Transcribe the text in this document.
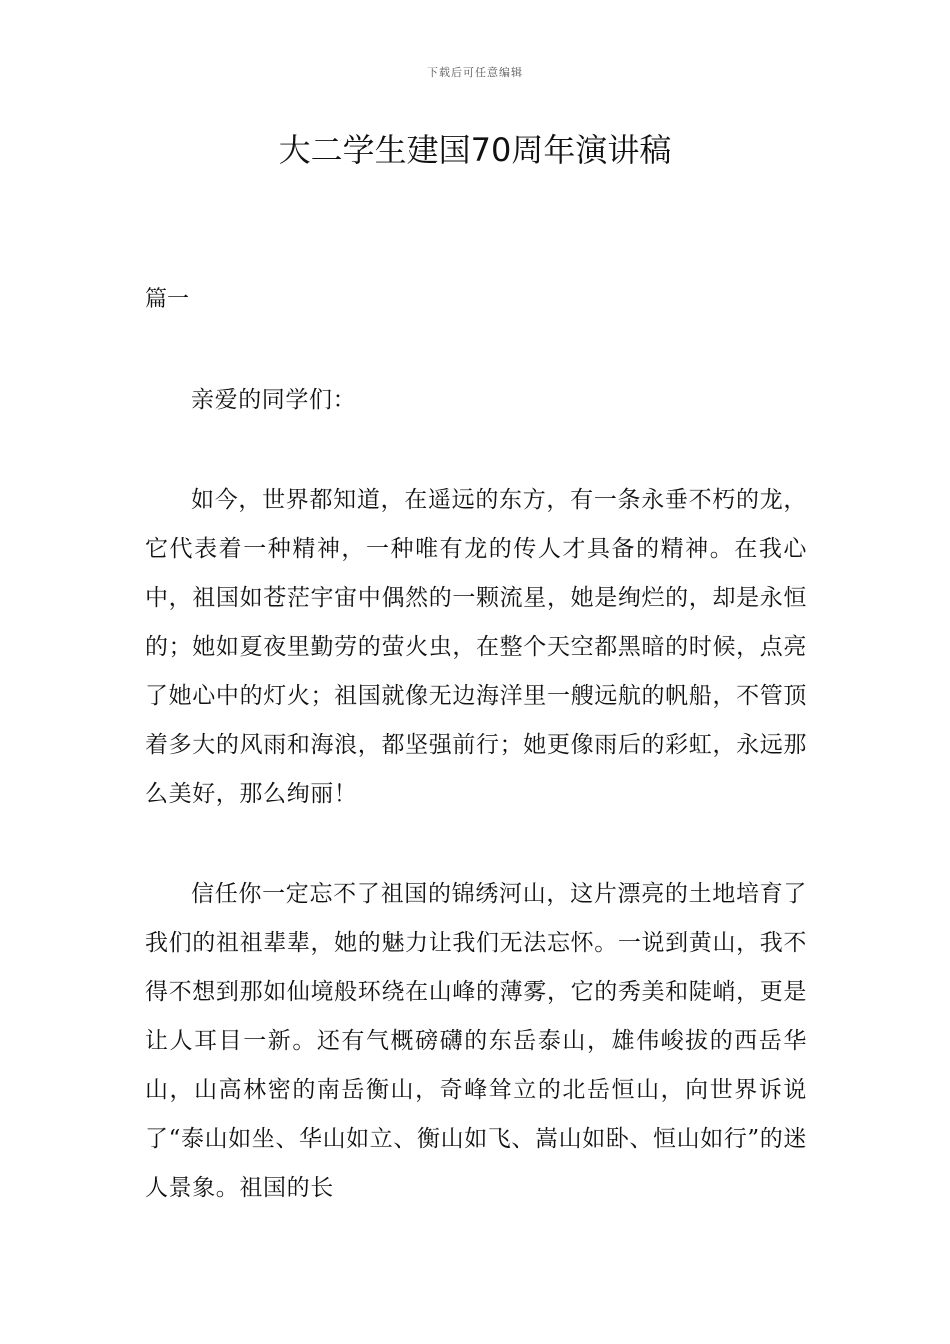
下载后可任意编辑
大二学生建国70周年演讲稿
篇一

亲爱的同学们：

如今，世界都知道，在遥远的东方，有一条永垂不朽的龙，它代表着一种精神，一种唯有龙的传人才具备的精神。在我心中，祖国如苍茫宇宙中偶然的一颗流星，她是绚烂的，却是永恒的；她如夏夜里勤劳的萤火虫，在整个天空都黑暗的时候，点亮了她心中的灯火；祖国就像无边海洋里一艘远航的帆船，不管顶着多大的风雨和海浪，都坚强前行；她更像雨后的彩虹，永远那么美好，那么绚丽！

信任你一定忘不了祖国的锦绣河山，这片漂亮的土地培育了我们的祖祖辈辈，她的魅力让我们无法忘怀。一说到黄山，我不得不想到那如仙境般环绕在山峰的薄雾，它的秀美和陡峭，更是让人耳目一新。还有气概磅礴的东岳泰山，雄伟峻拔的西岳华山，山高林密的南岳衡山，奇峰耸立的北岳恒山，向世界诉说了“泰山如坐、华山如立、衡山如飞、嵩山如卧、恒山如行”的迷人景象。祖国的长
